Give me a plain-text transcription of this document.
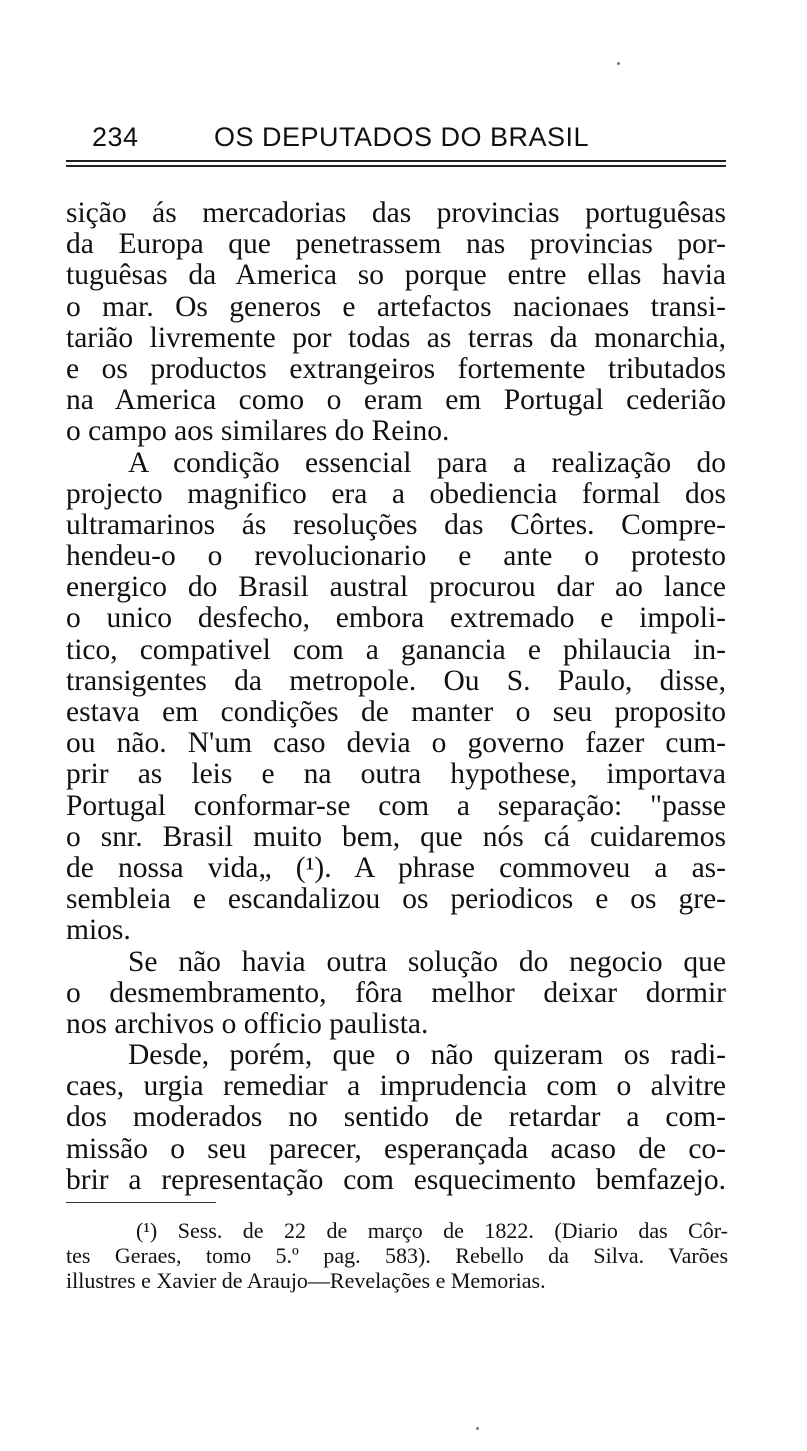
234	OS DEPUTADOS DO BRASIL
sição ás mercadorias das provincias portuguêsas
da Europa que penetrassem nas provincias por-
tuguêsas da America so porque entre ellas havia
o mar. Os generos e artefactos nacionaes transi-
tarião livremente por todas as terras da monarchia,
e os productos extrangeiros fortemente tributados
na America como o eram em Portugal cederião
o campo aos similares do Reino.
A condição essencial para a realização do
projecto magnifico era a obediencia formal dos
ultramarinos ás resoluções das Côrtes. Compre-
hendeu-o o revolucionario e ante o protesto
energico do Brasil austral procurou dar ao lance
o unico desfecho, embora extremado e impoli-
tico, compativel com a ganancia e philaucia in-
transigentes da metropole. Ou S. Paulo, disse,
estava em condições de manter o seu proposito
ou não. N'um caso devia o governo fazer cum-
prir as leis e na outra hypothese, importava
Portugal conformar-se com a separação: "passe
o snr. Brasil muito bem, que nós cá cuidaremos
de nossa vida„ (¹). A phrase commoveu a as-
sembleia e escandalizou os periodicos e os gre-
mios.
Se não havia outra solução do negocio que
o desmembramento, fôra melhor deixar dormir
nos archivos o officio paulista.
Desde, porém, que o não quizeram os radi-
caes, urgia remediar a imprudencia com o alvitre
dos moderados no sentido de retardar a com-
missão o seu parecer, esperançada acaso de co-
brir a representação com esquecimento bemfazejo.
(¹) Sess. de 22 de março de 1822. (Diario das Côr-
tes Geraes, tomo 5.º pag. 583). Rebello da Silva. Varões
illustres e Xavier de Araujo—Revelações e Memorias.
